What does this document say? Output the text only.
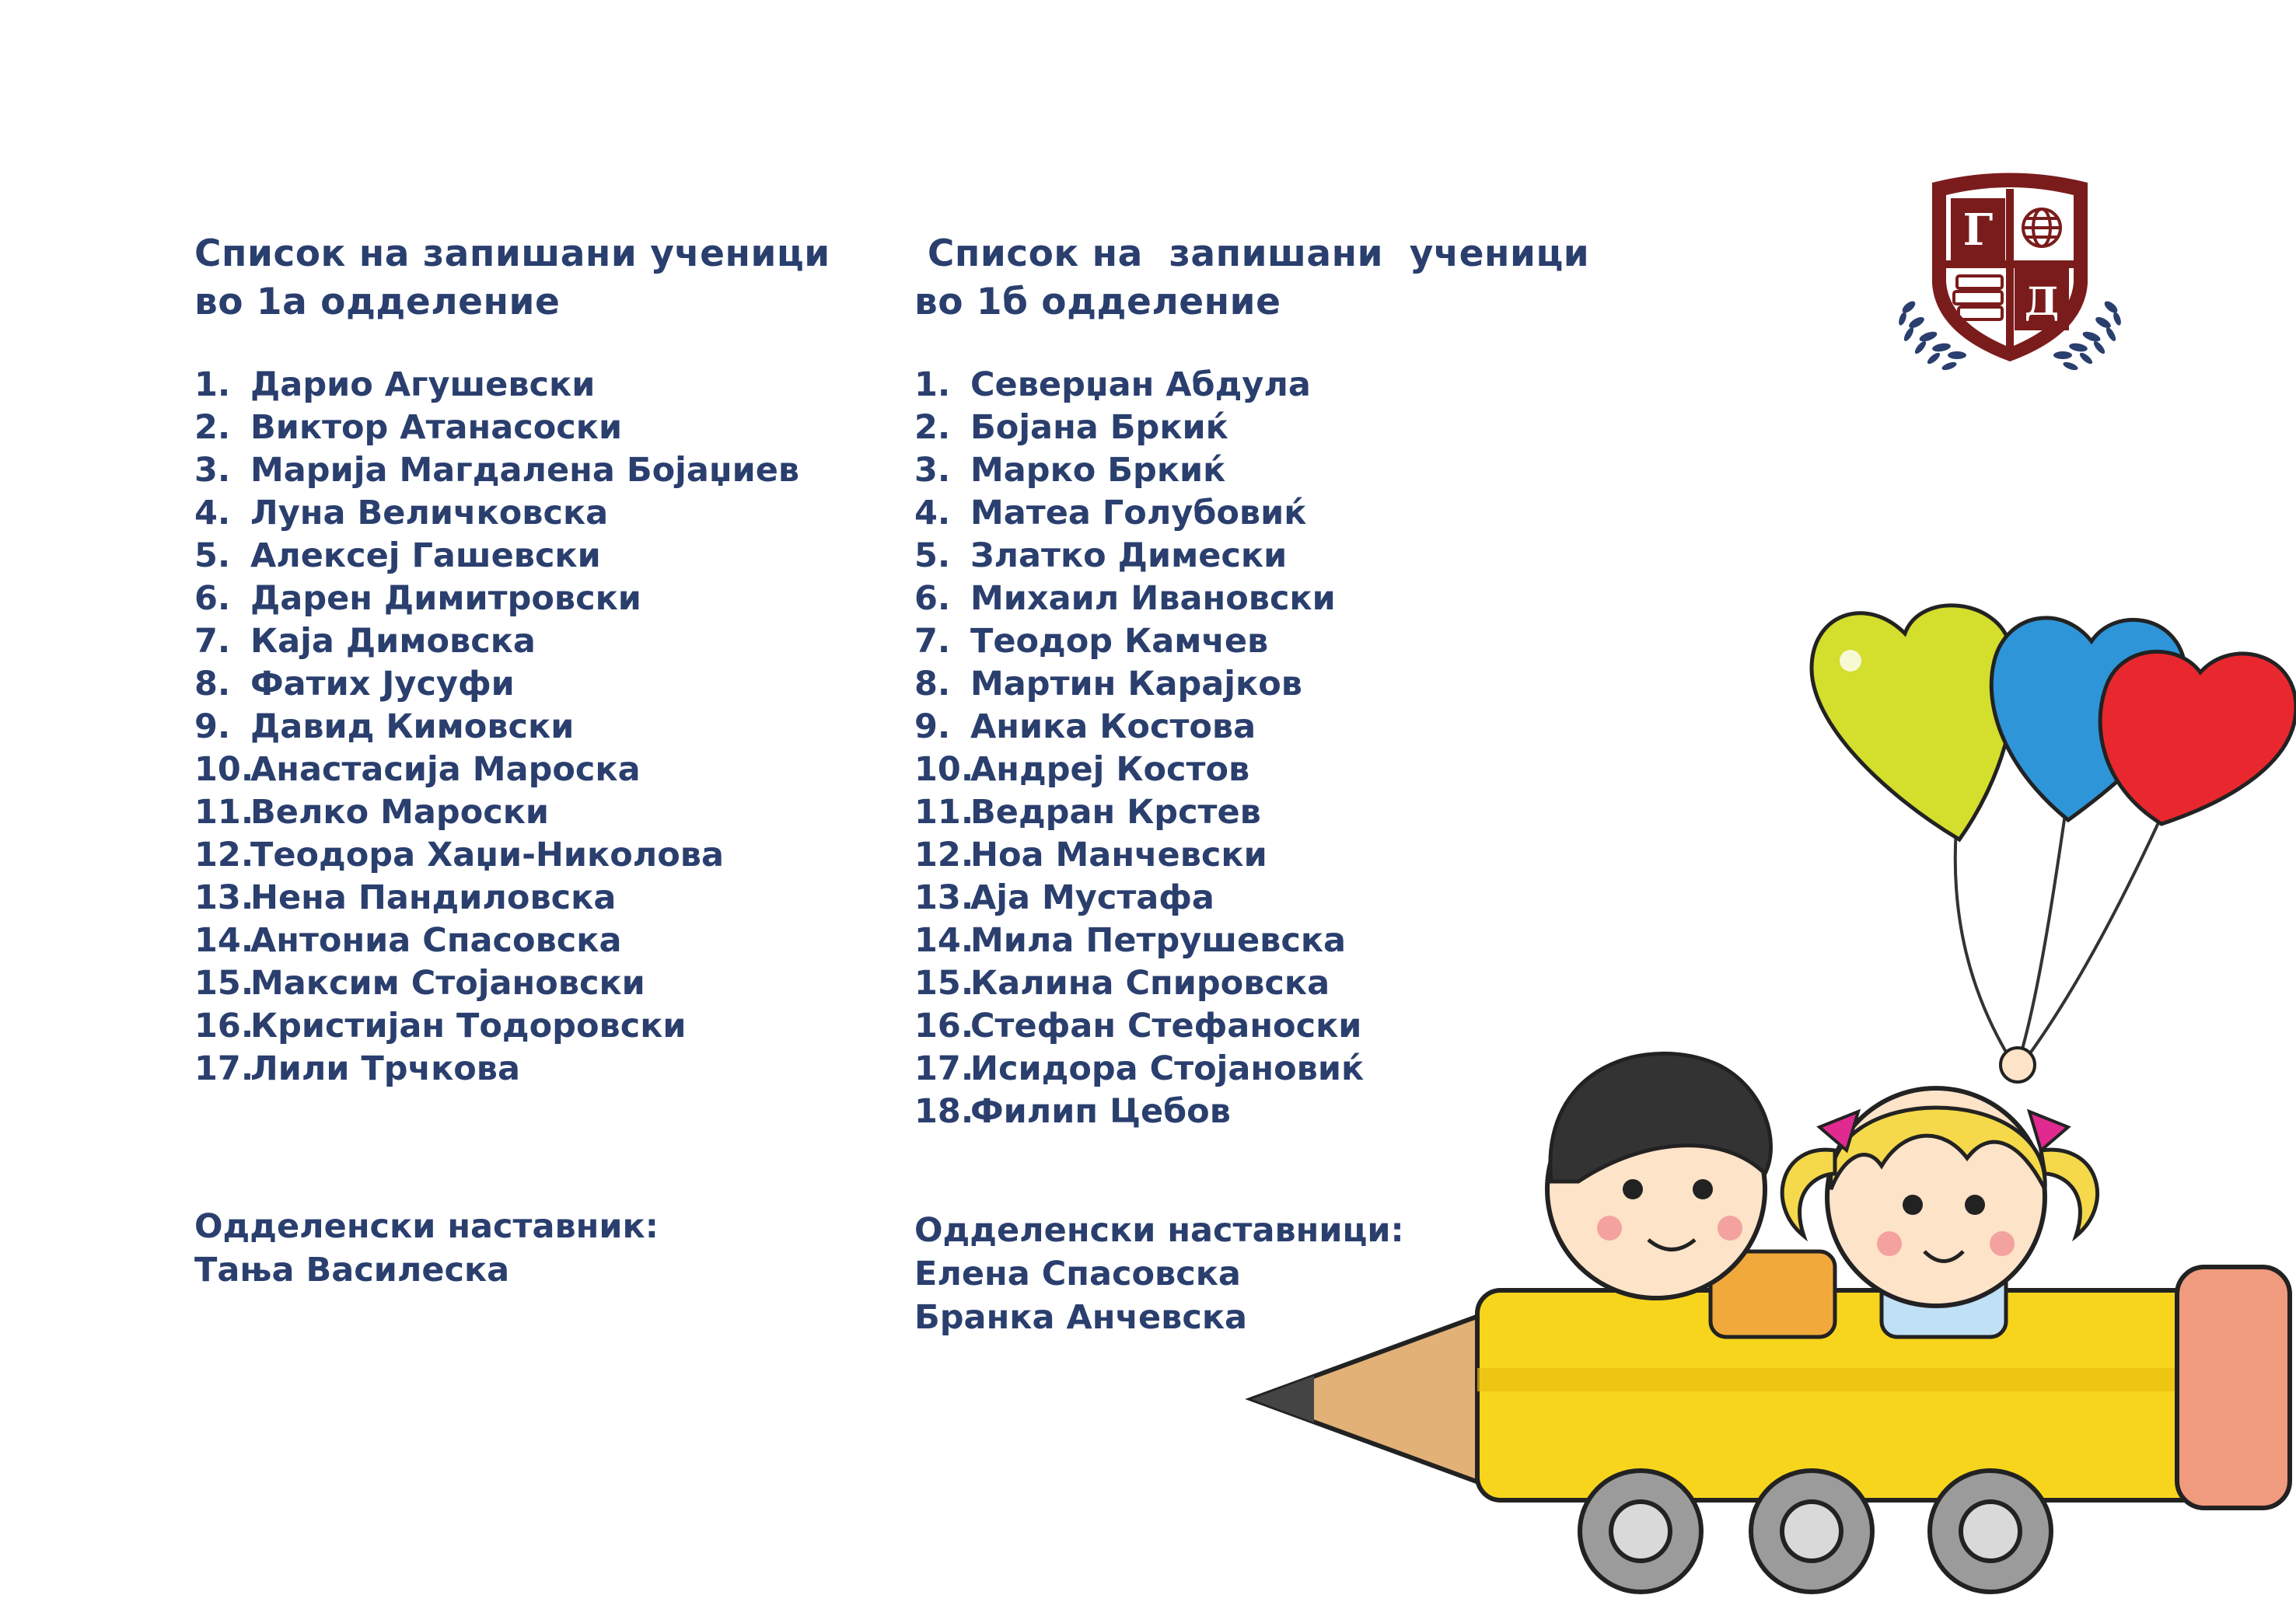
Список на запишани ученици
во 1а одделение
1. Дарио Агушевски
2. Виктор Атанасоски
3. Марија Магдалена Бојаџиев
4. Луна Величковска
5. Алексеј Гашевски
6. Дарен Димитровски
7. Каја Димовска
8. Фатих Јусуфи
9. Давид Кимовски
10.
Анастасија Мароска
11.
Велко Мароски
12.
Теодора Хаџи-Николова
13.
Нена Пандиловска
14.
Антониа Спасовска
15.
Максим Стојановски
16.
Кристијан Тодоровски
17.
Лили Трчкова
Список на  запишани  ученици
во 1б одделение
1. Северџан Абдула
2. Бојана Бркиќ
3. Марко Бркиќ
4. Матеа Голубовиќ
5. Златко Димески
6. Михаил Ивановски
7. Теодор Камчев
8. Мартин Карајков
9. Аника Костова
10.
Андреј Костов
11.
Ведран Крстев
12.
Ноа Манчевски
13.
Аја Мустафа
14.
Мила Петрушевска
15.
Калина Спировска
16.
Стефан Стефаноски
17.
Исидора Стојановиќ
18.
Филип Цебов
Одделенски наставник:
Тања Василеска
Одделенски наставници:
Елена Спасовска
Бранка Анчевска
Г
Д
